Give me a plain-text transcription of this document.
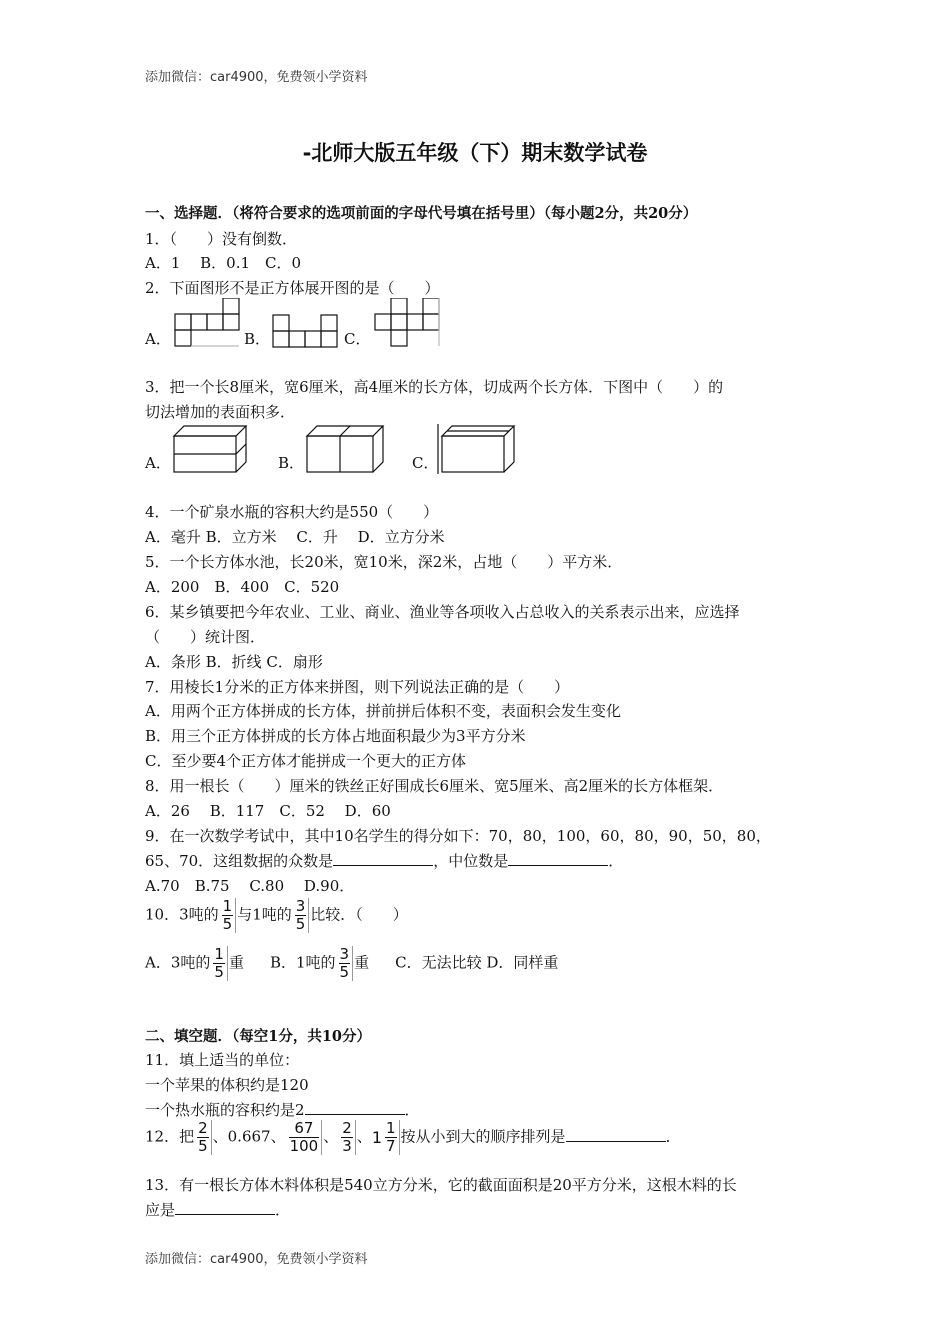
添加微信：car4900，免费领小学资料
-北师大版五年级（下）期末数学试卷
一、选择题．（将符合要求的选项前面的字母代号填在括号里）（每小题2分，共20分）
1．（　　）没有倒数．
A．1　 B．0.1　C．0
2．下面图形不是正方体展开图的是（　　）
A．	B．	C．
3．把一个长8厘米，宽6厘米，高4厘米的长方体，切成两个长方体．下图中（　　）的
切法增加的表面积多．
A．	B．	C．
4．一个矿泉水瓶的容积大约是550（　　）
A．毫升 B．立方米　 C．升　 D．立方分米
5．一个长方体水池，长20米，宽10米，深2米，占地（　　）平方米．
A．200　B．400　C．520
6．某乡镇要把今年农业、工业、商业、渔业等各项收入占总收入的关系表示出来，应选择
（　　）统计图．
A．条形 B．折线 C．扇形
7．用棱长1分米的正方体来拼图，则下列说法正确的是（　　）
A．用两个正方体拼成的长方体，拼前拼后体积不变，表面积会发生变化
B．用三个正方体拼成的长方体占地面积最少为3平方分米
C．至少要4个正方体才能拼成一个更大的正方体
8．用一根长（　　）厘米的铁丝正好围成长6厘米、宽5厘米、高2厘米的长方体框架．
A．26　 B．117　C．52　 D．60
9．在一次数学考试中，其中10名学生的得分如下：70，80，100，60，80，90，50，80，
65、70．这组数据的众数是	，中位数是	．
A.70　B.75　 C.80　 D.90．
10．3吨的 $\frac{1}{5}$ 与1吨的 $\frac{3}{5}$ 比较．（　　）
A．3吨的 $\frac{1}{5}$ 重 B．1吨的 $\frac{3}{5}$ 重 C．无法比较 D．同样重
二、填空题．（每空1分，共10分）
11．填上适当的单位：
一个苹果的体积约是120
一个热水瓶的容积约是2	．
12．把 $\frac{2}{5}$ 、0.667、 $\frac{67}{100}$ 、 $\frac{2}{3}$ 、$1 \frac{1}{7}$ 按从小到大的顺序排列是	．
13．有一根长方体木料体积是540立方分米，它的截面面积是20平方分米，这根木料的长
应是	．
添加微信：car4900，免费领小学资料
